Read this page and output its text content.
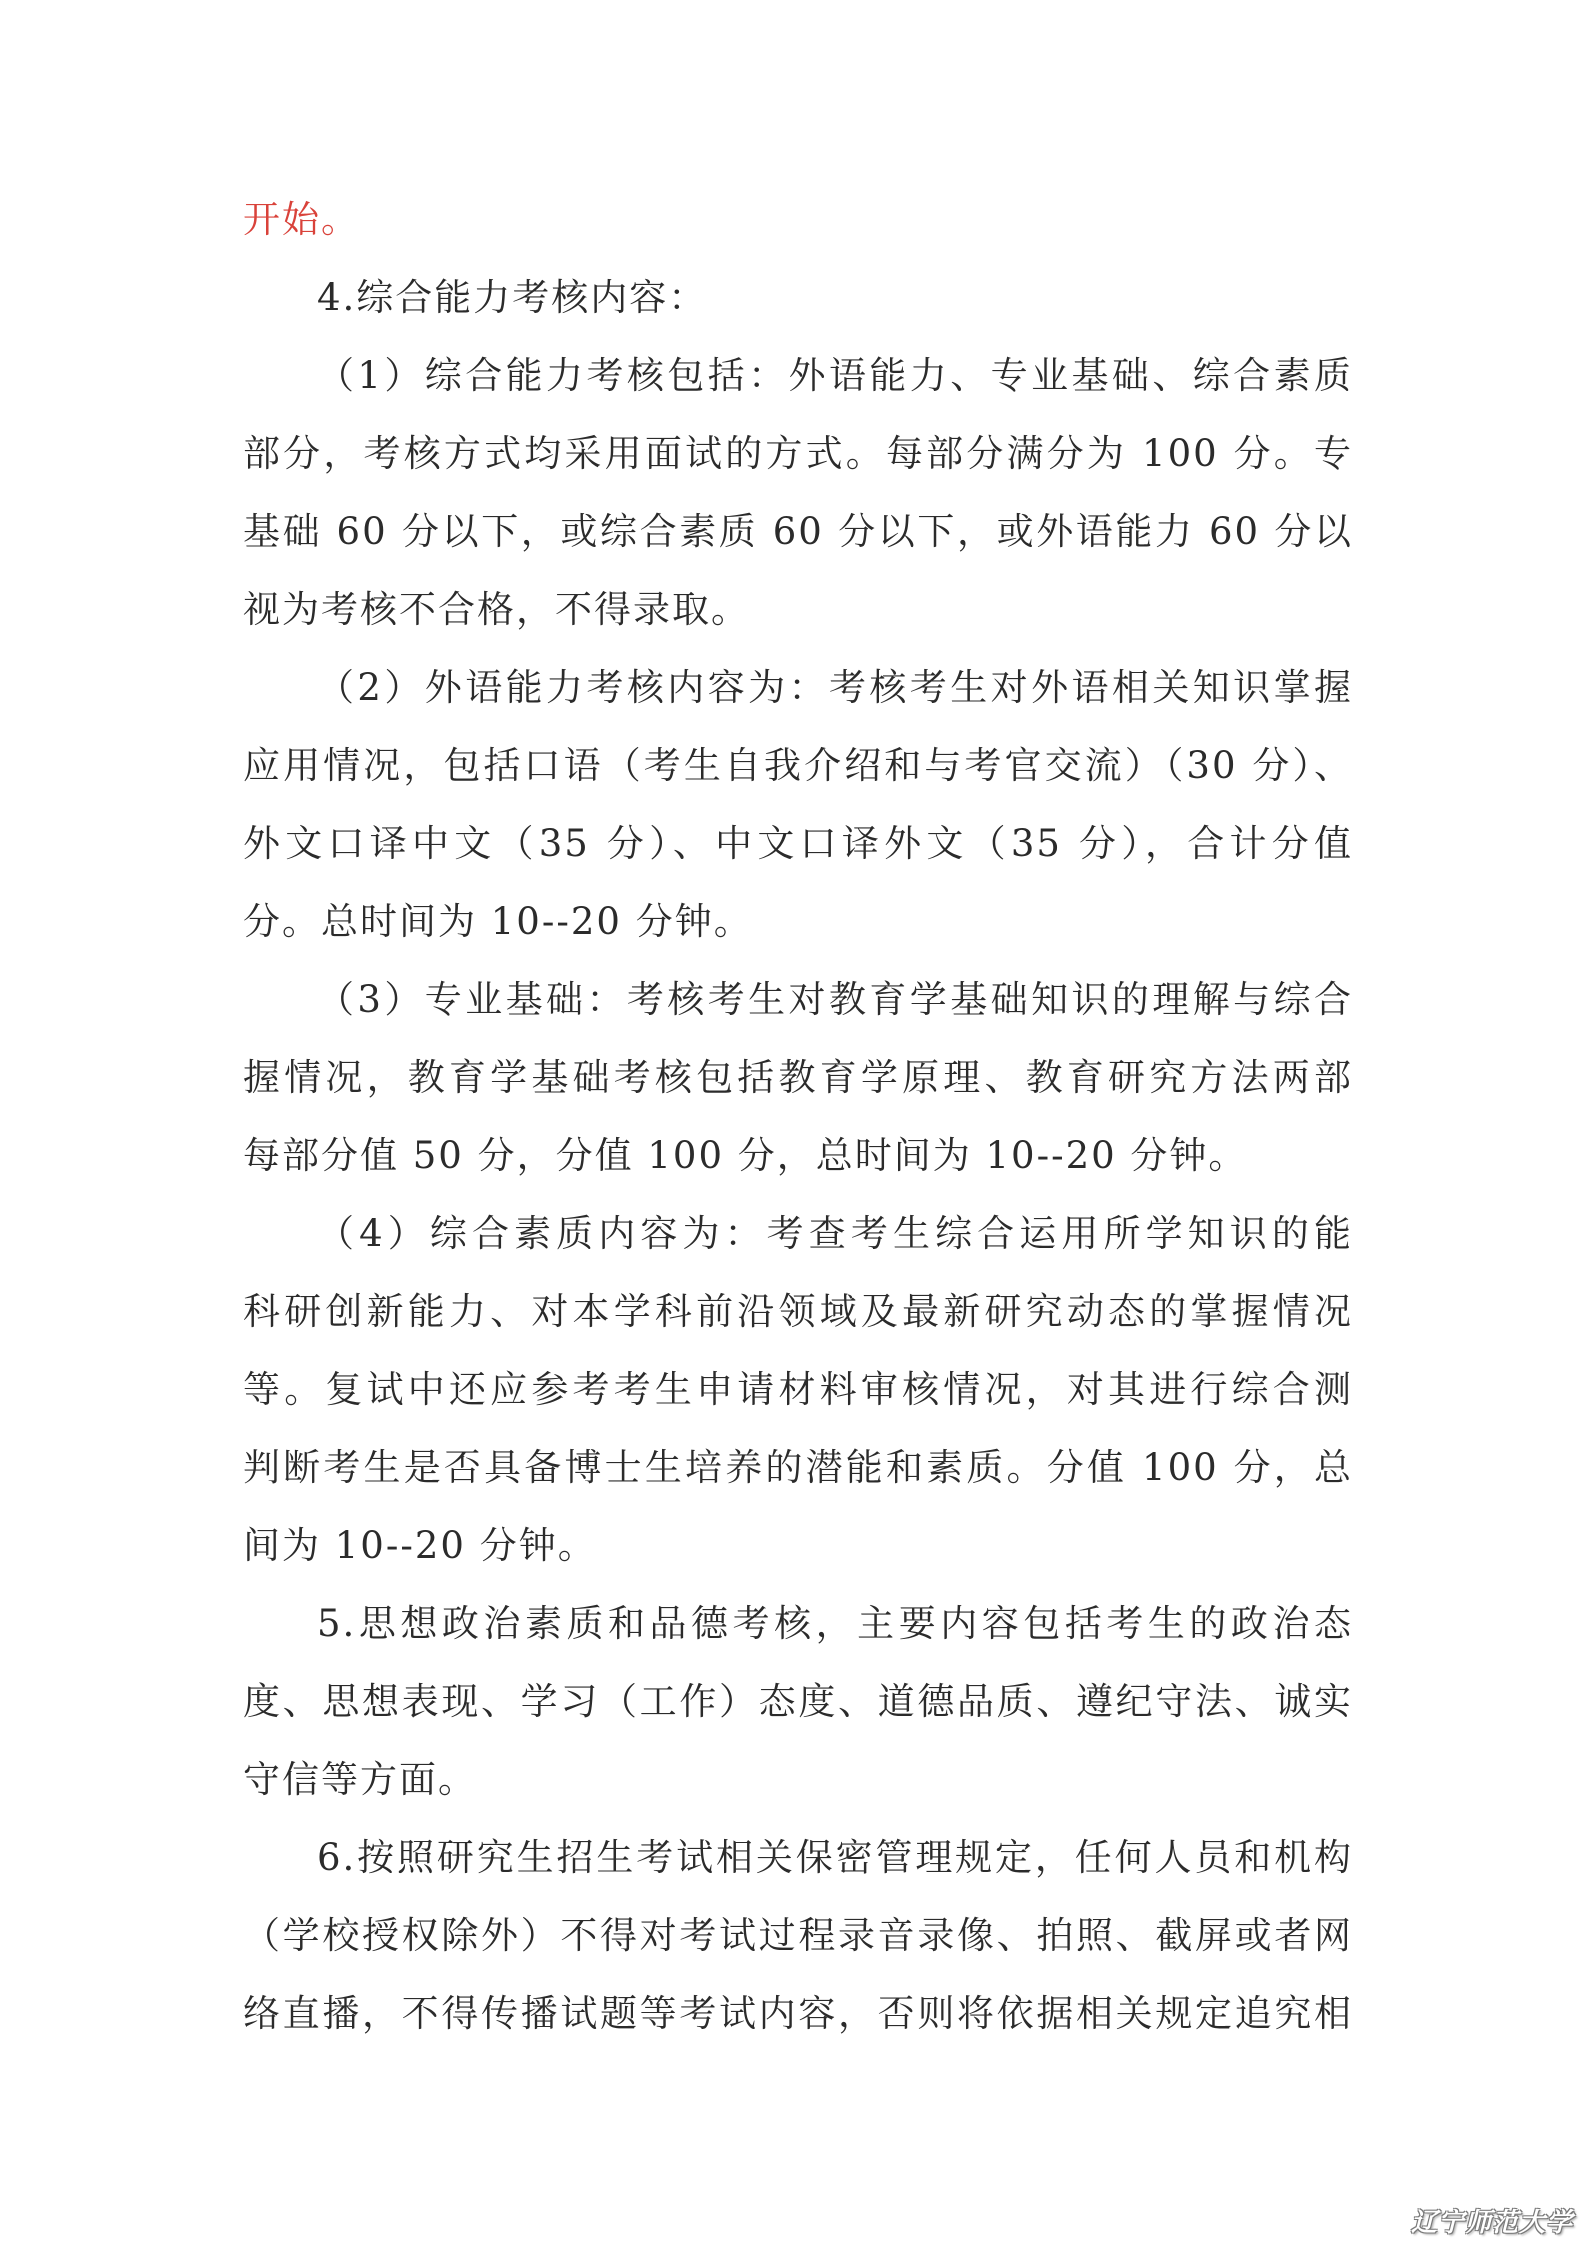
开始。
4.综合能力考核内容：
（1）综合能力考核包括：外语能力、专业基础、综合素质
部分，考核方式均采用面试的方式。每部分满分为 100 分。专
基础 60 分以下，或综合素质 60 分以下，或外语能力 60 分以
视为考核不合格，不得录取。
（2）外语能力考核内容为：考核考生对外语相关知识掌握
应用情况，包括口语（考生自我介绍和与考官交流）（30 分）、
外文口译中文（35 分）、中文口译外文（35 分），合计分值
分。总时间为 10--20 分钟。
（3）专业基础：考核考生对教育学基础知识的理解与综合
握情况，教育学基础考核包括教育学原理、教育研究方法两部
每部分值 50 分，分值 100 分，总时间为 10--20 分钟。
（4）综合素质内容为：考查考生综合运用所学知识的能
科研创新能力、对本学科前沿领域及最新研究动态的掌握情况
等。复试中还应参考考生申请材料审核情况，对其进行综合测
判断考生是否具备博士生培养的潜能和素质。分值 100 分，总
间为 10--20 分钟。
5.思想政治素质和品德考核，主要内容包括考生的政治态
度、思想表现、学习（工作）态度、道德品质、遵纪守法、诚实
守信等方面。
6.按照研究生招生考试相关保密管理规定，任何人员和机构
（学校授权除外）不得对考试过程录音录像、拍照、截屏或者网
络直播，不得传播试题等考试内容，否则将依据相关规定追究相
辽宁师范大学
